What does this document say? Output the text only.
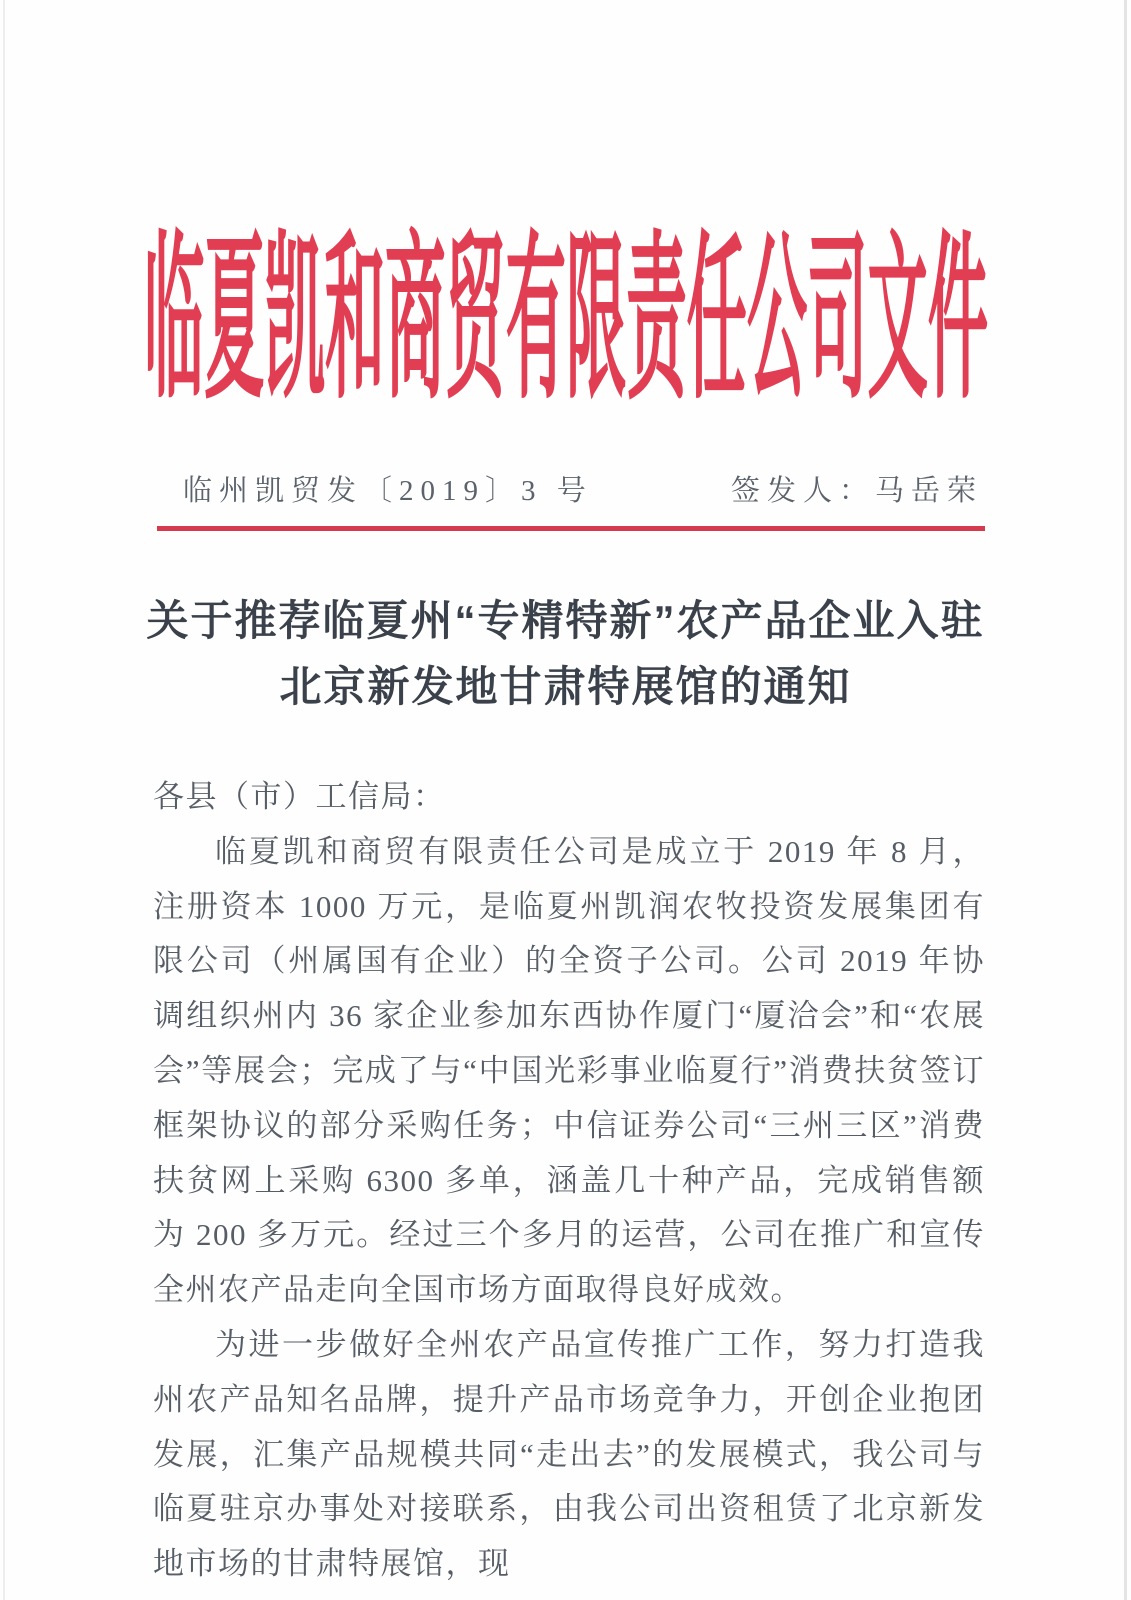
临夏凯和商贸有限责任公司文件
临州凯贸发〔2019〕3 号	签发人：马岳荣
关于推荐临夏州“专精特新”农产品企业入驻
北京新发地甘肃特展馆的通知
各县（市）工信局：

临夏凯和商贸有限责任公司是成立于 2019 年 8 月，注册资本 1000 万元，是临夏州凯润农牧投资发展集团有限公司（州属国有企业）的全资子公司。公司 2019 年协调组织州内 36 家企业参加东西协作厦门“厦洽会”和“农展会”等展会；完成了与“中国光彩事业临夏行”消费扶贫签订框架协议的部分采购任务；中信证券公司“三州三区”消费扶贫网上采购 6300 多单，涵盖几十种产品，完成销售额为 200 多万元。经过三个多月的运营，公司在推广和宣传全州农产品走向全国市场方面取得良好成效。

为进一步做好全州农产品宣传推广工作，努力打造我州农产品知名品牌，提升产品市场竞争力，开创企业抱团发展，汇集产品规模共同“走出去”的发展模式，我公司与临夏驻京办事处对接联系，由我公司出资租赁了北京新发地市场的甘肃特展馆，现
